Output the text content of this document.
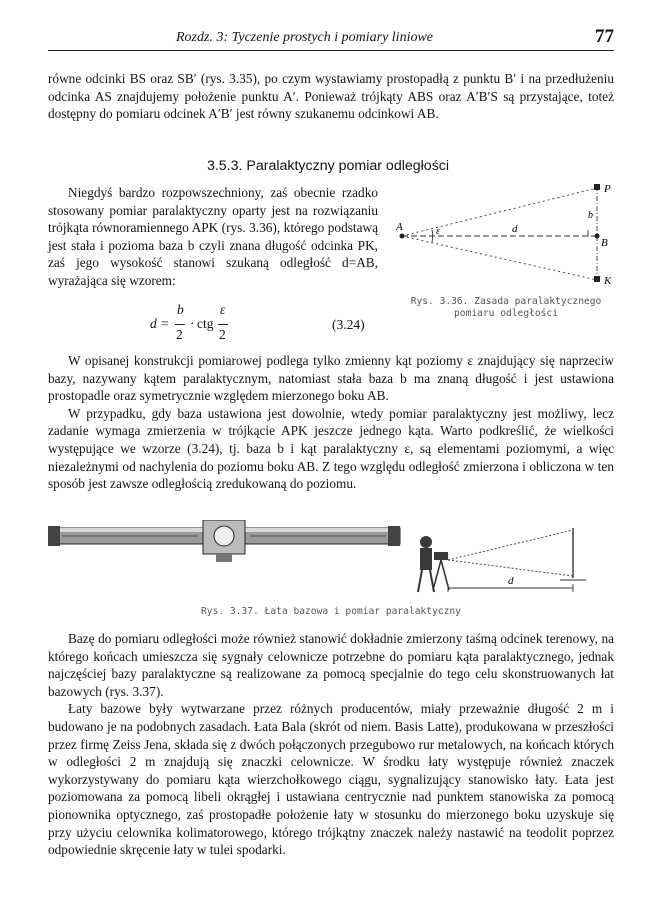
Rozdz. 3: Tyczenie prostych i pomiary liniowe	77

równe odcinki BS oraz SB′ (rys. 3.35), po czym wystawiamy prostopadłą z punktu B′ i na przedłużeniu odcinka AS znajdujemy położenie punktu A′. Ponieważ trójkąty ABS oraz A′B′S są przystające, toteż dostępny do pomiaru odcinek A′B′ jest równy szukanemu odcinkowi AB.

3.5.3. Paralaktyczny pomiar odległości

Niegdyś bardzo rozpowszechniony, zaś obecnie rzadko stosowany pomiar paralaktyczny oparty jest na rozwiązaniu trójkąta równoramiennego APK (rys. 3.36), którego podstawą jest stała i pozioma baza b czyli znana długość odcinka PK, zaś jego wysokość stanowi szukaną odległość d=AB, wyrażająca się wzorem:

d =
b
2
· ctg
ε
2
(3.24)
A
P
K
B
d
ε
b
Rys. 3.36. Zasada paralaktycznego
pomiaru odległości

W opisanej konstrukcji pomiarowej podlega tylko zmienny kąt poziomy ε znajdujący się naprzeciw bazy, nazywany kątem paralaktycznym, natomiast stała baza b ma znaną długość i jest ustawiona prostopadle oraz symetrycznie względem mierzonego boku AB.

W przypadku, gdy baza ustawiona jest dowolnie, wtedy pomiar paralaktyczny jest możliwy, lecz zadanie wymaga zmierzenia w trójkącie APK jeszcze jednego kąta. Warto podkreślić, że wielkości występujące we wzorze (3.24), tj. baza b i kąt paralaktyczny ε, są elementami poziomymi, a więc niezależnymi od nachylenia do poziomu boku AB. Z tego względu odległość zmierzona i obliczona w ten sposób jest zawsze odległością zredukowaną do poziomu.

d
Rys. 3.37. Łata bazowa i pomiar paralaktyczny

Bazę do pomiaru odległości może również stanowić dokładnie zmierzony taśmą odcinek terenowy, na którego końcach umieszcza się sygnały celownicze potrzebne do pomiaru kąta paralaktycznego, jednak najczęściej bazy paralaktyczne są realizowane za pomocą specjalnie do tego celu skonstruowanych łat bazowych (rys. 3.37).

Łaty bazowe były wytwarzane przez różnych producentów, miały przeważnie długość 2 m i budowano je na podobnych zasadach. Łata Bala (skrót od niem. Basis Latte), produkowana w przeszłości przez firmę Zeiss Jena, składa się z dwóch połączonych przegubowo rur metalowych, na końcach których w odległości 2 m znajdują się znaczki celownicze. W środku łaty występuje również znaczek wykorzystywany do pomiaru kąta wierzchołkowego ciągu, sygnalizujący stanowisko łaty. Łata jest poziomowana za pomocą libeli okrągłej i ustawiana centrycznie nad punktem stanowiska za pomocą pionownika optycznego, zaś prostopadłe położenie łaty w stosunku do mierzonego boku uzyskuje się przy użyciu celownika kolimatorowego, którego trójkątny znaczek należy nastawić na teodolit poprzez odpowiednie skręcenie łaty w tulei spodarki.
